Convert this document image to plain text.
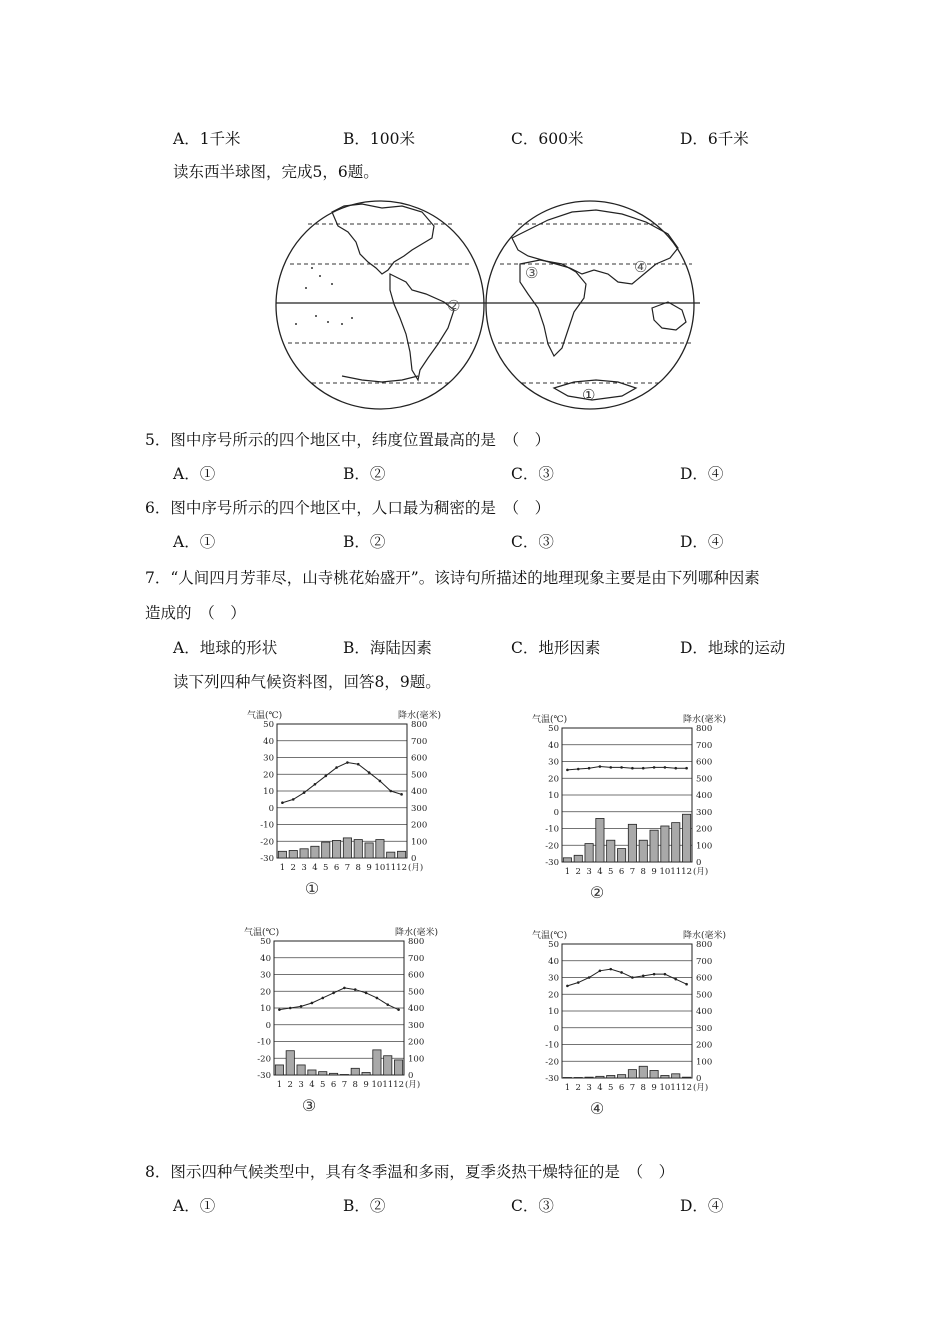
A．1千米	B．100米	C．600米	D．6千米
读东西半球图，完成5，6题。
②
③	④
①
5．图中序号所示的四个地区中，纬度位置最高的是　（　）
A．①	B．②	C．③	D．④
6．图中序号所示的四个地区中，人口最为稠密的是　（　）
A．①	B．②	C．③	D．④
7．“人间四月芳菲尽，山寺桃花始盛开”。该诗句所描述的地理现象主要是由下列哪种因素
造成的　（　）
A．地球的形状	B．海陆因素	C．地形因素	D．地球的运动
读下列四种气候资料图，回答8，9题。
气温(℃)	降水(毫米)
50	800
40	700
30	600
20	500
10	400
0	300
-10	200
-20	100
-30	0
1 2 3 4 5 6 7 8 9 10 11 12 (月)
①
气温(℃)	降水(毫米)
50	800
40	700
30	600
20	500
10	400
0	300
-10	200
-20	100
-30	0
1 2 3 4 5 6 7 8 9 10 11 12 (月)
②
气温(℃)	降水(毫米)
50	800
40	700
30	600
20	500
10	400
0	300
-10	200
-20	100
-30	0
1 2 3 4 5 6 7 8 9 10 11 12 (月)
③
气温(℃)	降水(毫米)
50	800
40	700
30	600
20	500
10	400
0	300
-10	200
-20	100
-30	0
1 2 3 4 5 6 7 8 9 10 11 12 (月)
④
8．图示四种气候类型中，具有冬季温和多雨，夏季炎热干燥特征的是　（　）
A．①	B．②	C．③	D．④
